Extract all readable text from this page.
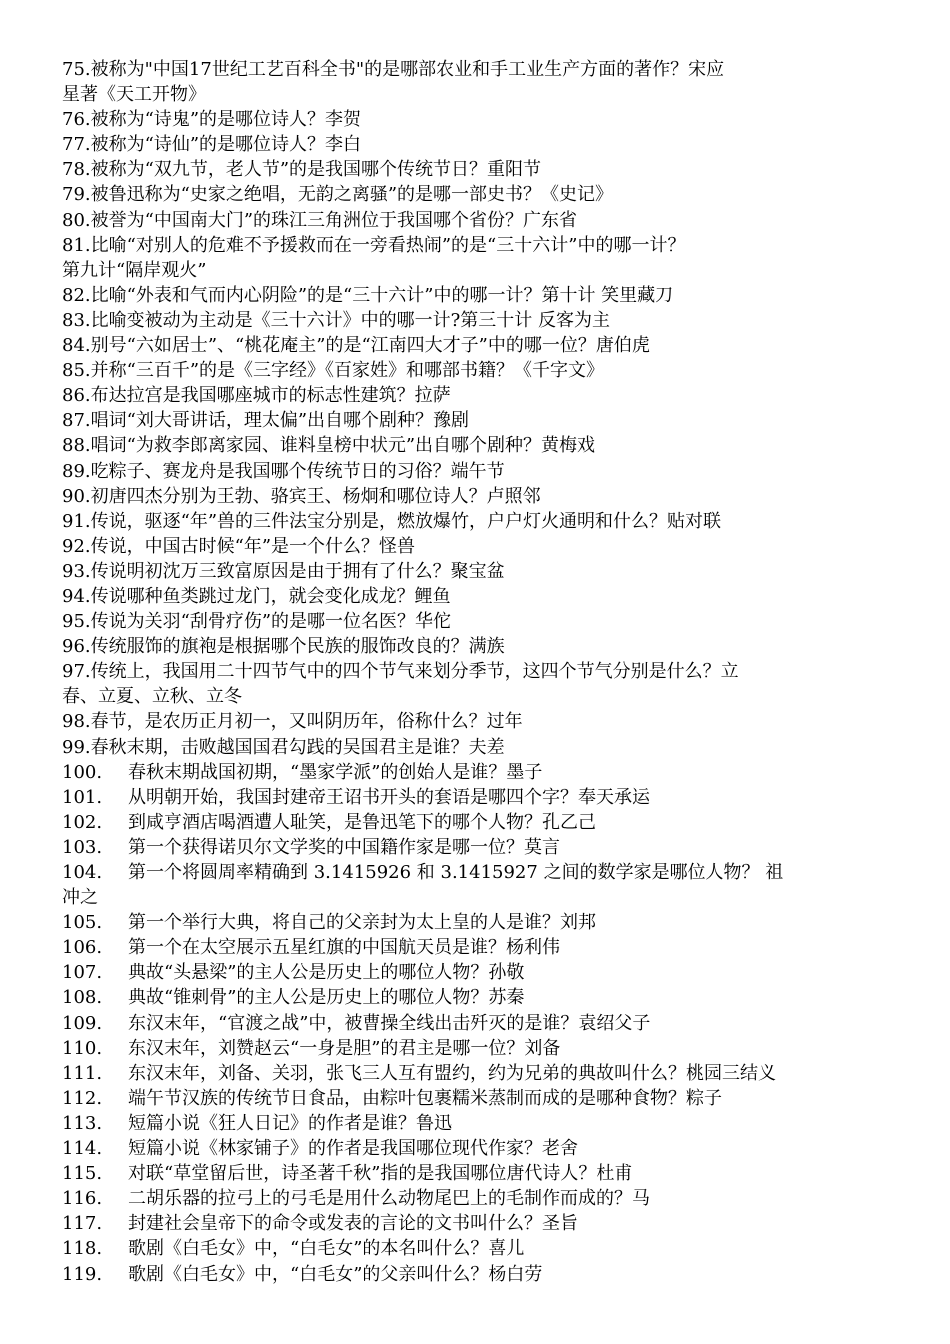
75.被称为"中国17世纪工艺百科全书"的是哪部农业和手工业生产方面的著作？宋应
星著《天工开物》

76.被称为“诗鬼”的是哪位诗人？李贺

77.被称为“诗仙”的是哪位诗人？李白

78.被称为“双九节，老人节”的是我国哪个传统节日？重阳节

79.被鲁迅称为“史家之绝唱，无韵之离骚”的是哪一部史书？《史记》

80.被誉为“中国南大门”的珠江三角洲位于我国哪个省份？广东省

81.比喻“对别人的危难不予援救而在一旁看热闹”的是“三十六计”中的哪一计？
第九计“隔岸观火”

82.比喻“外表和气而内心阴险”的是“三十六计”中的哪一计？第十计 笑里藏刀

83.比喻变被动为主动是《三十六计》中的哪一计?第三十计 反客为主

84.别号“六如居士”、“桃花庵主”的是“江南四大才子”中的哪一位？唐伯虎

85.并称“三百千”的是《三字经》《百家姓》和哪部书籍？《千字文》

86.布达拉宫是我国哪座城市的标志性建筑？拉萨

87.唱词“刘大哥讲话，理太偏”出自哪个剧种？豫剧

88.唱词“为救李郎离家园、谁料皇榜中状元”出自哪个剧种？黄梅戏

89.吃粽子、赛龙舟是我国哪个传统节日的习俗？端午节

90.初唐四杰分别为王勃、骆宾王、杨炯和哪位诗人？卢照邻

91.传说，驱逐“年”兽的三件法宝分别是，燃放爆竹，户户灯火通明和什么？贴对联

92.传说，中国古时候“年”是一个什么？怪兽

93.传说明初沈万三致富原因是由于拥有了什么？聚宝盆

94.传说哪种鱼类跳过龙门，就会变化成龙？鲤鱼

95.传说为关羽“刮骨疗伤”的是哪一位名医？华佗

96.传统服饰的旗袍是根据哪个民族的服饰改良的？满族

97.传统上，我国用二十四节气中的四个节气来划分季节，这四个节气分别是什么？立
春、立夏、立秋、立冬

98.春节，是农历正月初一，又叫阴历年，俗称什么？过年

99.春秋末期，击败越国国君勾践的吴国君主是谁？夫差

100. 春秋末期战国初期，“墨家学派”的创始人是谁？墨子

101. 从明朝开始，我国封建帝王诏书开头的套语是哪四个字？奉天承运

102. 到咸亨酒店喝酒遭人耻笑，是鲁迅笔下的哪个人物？孔乙己

103. 第一个获得诺贝尔文学奖的中国籍作家是哪一位？莫言

104. 第一个将圆周率精确到 3.1415926 和 3.1415927 之间的数学家是哪位人物？ 祖
冲之

105. 第一个举行大典，将自己的父亲封为太上皇的人是谁？刘邦

106. 第一个在太空展示五星红旗的中国航天员是谁？杨利伟

107. 典故“头悬梁”的主人公是历史上的哪位人物？孙敬

108. 典故“锥刺骨”的主人公是历史上的哪位人物？苏秦

109. 东汉末年，“官渡之战”中，被曹操全线出击歼灭的是谁？袁绍父子

110. 东汉末年，刘赞赵云“一身是胆”的君主是哪一位？刘备

111. 东汉末年，刘备、关羽，张飞三人互有盟约，约为兄弟的典故叫什么？桃园三结义

112. 端午节汉族的传统节日食品，由粽叶包裹糯米蒸制而成的是哪种食物？粽子

113. 短篇小说《狂人日记》的作者是谁？鲁迅

114. 短篇小说《林家铺子》的作者是我国哪位现代作家？老舍

115. 对联“草堂留后世，诗圣著千秋”指的是我国哪位唐代诗人？杜甫

116. 二胡乐器的拉弓上的弓毛是用什么动物尾巴上的毛制作而成的？马

117. 封建社会皇帝下的命令或发表的言论的文书叫什么？圣旨

118. 歌剧《白毛女》中，“白毛女”的本名叫什么？喜儿

119. 歌剧《白毛女》中，“白毛女”的父亲叫什么？杨白劳
